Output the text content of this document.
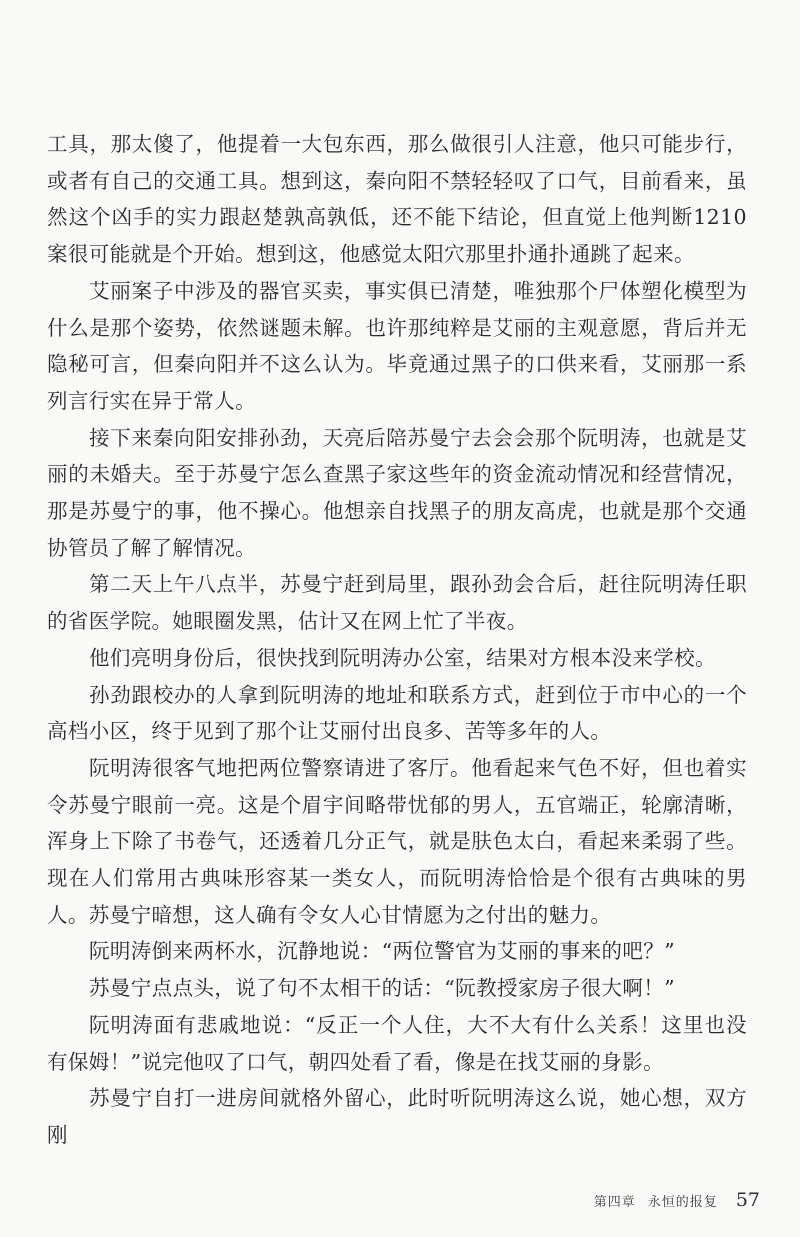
工具，那太傻了，他提着一大包东西，那么做很引人注意，他只可能步行，或者有自己的交通工具。想到这，秦向阳不禁轻轻叹了口气，目前看来，虽然这个凶手的实力跟赵楚孰高孰低，还不能下结论，但直觉上他判断1210案很可能就是个开始。想到这，他感觉太阳穴那里扑通扑通跳了起来。

艾丽案子中涉及的器官买卖，事实俱已清楚，唯独那个尸体塑化模型为什么是那个姿势，依然谜题未解。也许那纯粹是艾丽的主观意愿，背后并无隐秘可言，但秦向阳并不这么认为。毕竟通过黑子的口供来看，艾丽那一系列言行实在异于常人。

接下来秦向阳安排孙劲，天亮后陪苏曼宁去会会那个阮明涛，也就是艾丽的未婚夫。至于苏曼宁怎么查黑子家这些年的资金流动情况和经营情况，那是苏曼宁的事，他不操心。他想亲自找黑子的朋友高虎，也就是那个交通协管员了解了解情况。

第二天上午八点半，苏曼宁赶到局里，跟孙劲会合后，赶往阮明涛任职的省医学院。她眼圈发黑，估计又在网上忙了半夜。

他们亮明身份后，很快找到阮明涛办公室，结果对方根本没来学校。

孙劲跟校办的人拿到阮明涛的地址和联系方式，赶到位于市中心的一个高档小区，终于见到了那个让艾丽付出良多、苦等多年的人。

阮明涛很客气地把两位警察请进了客厅。他看起来气色不好，但也着实令苏曼宁眼前一亮。这是个眉宇间略带忧郁的男人，五官端正，轮廓清晰，浑身上下除了书卷气，还透着几分正气，就是肤色太白，看起来柔弱了些。现在人们常用古典味形容某一类女人，而阮明涛恰恰是个很有古典味的男人。苏曼宁暗想，这人确有令女人心甘情愿为之付出的魅力。

阮明涛倒来两杯水，沉静地说：“两位警官为艾丽的事来的吧？”

苏曼宁点点头，说了句不太相干的话：“阮教授家房子很大啊！”

阮明涛面有悲戚地说：“反正一个人住，大不大有什么关系！这里也没有保姆！”说完他叹了口气，朝四处看了看，像是在找艾丽的身影。

苏曼宁自打一进房间就格外留心，此时听阮明涛这么说，她心想，双方刚

第四章 永恒的报复 57
